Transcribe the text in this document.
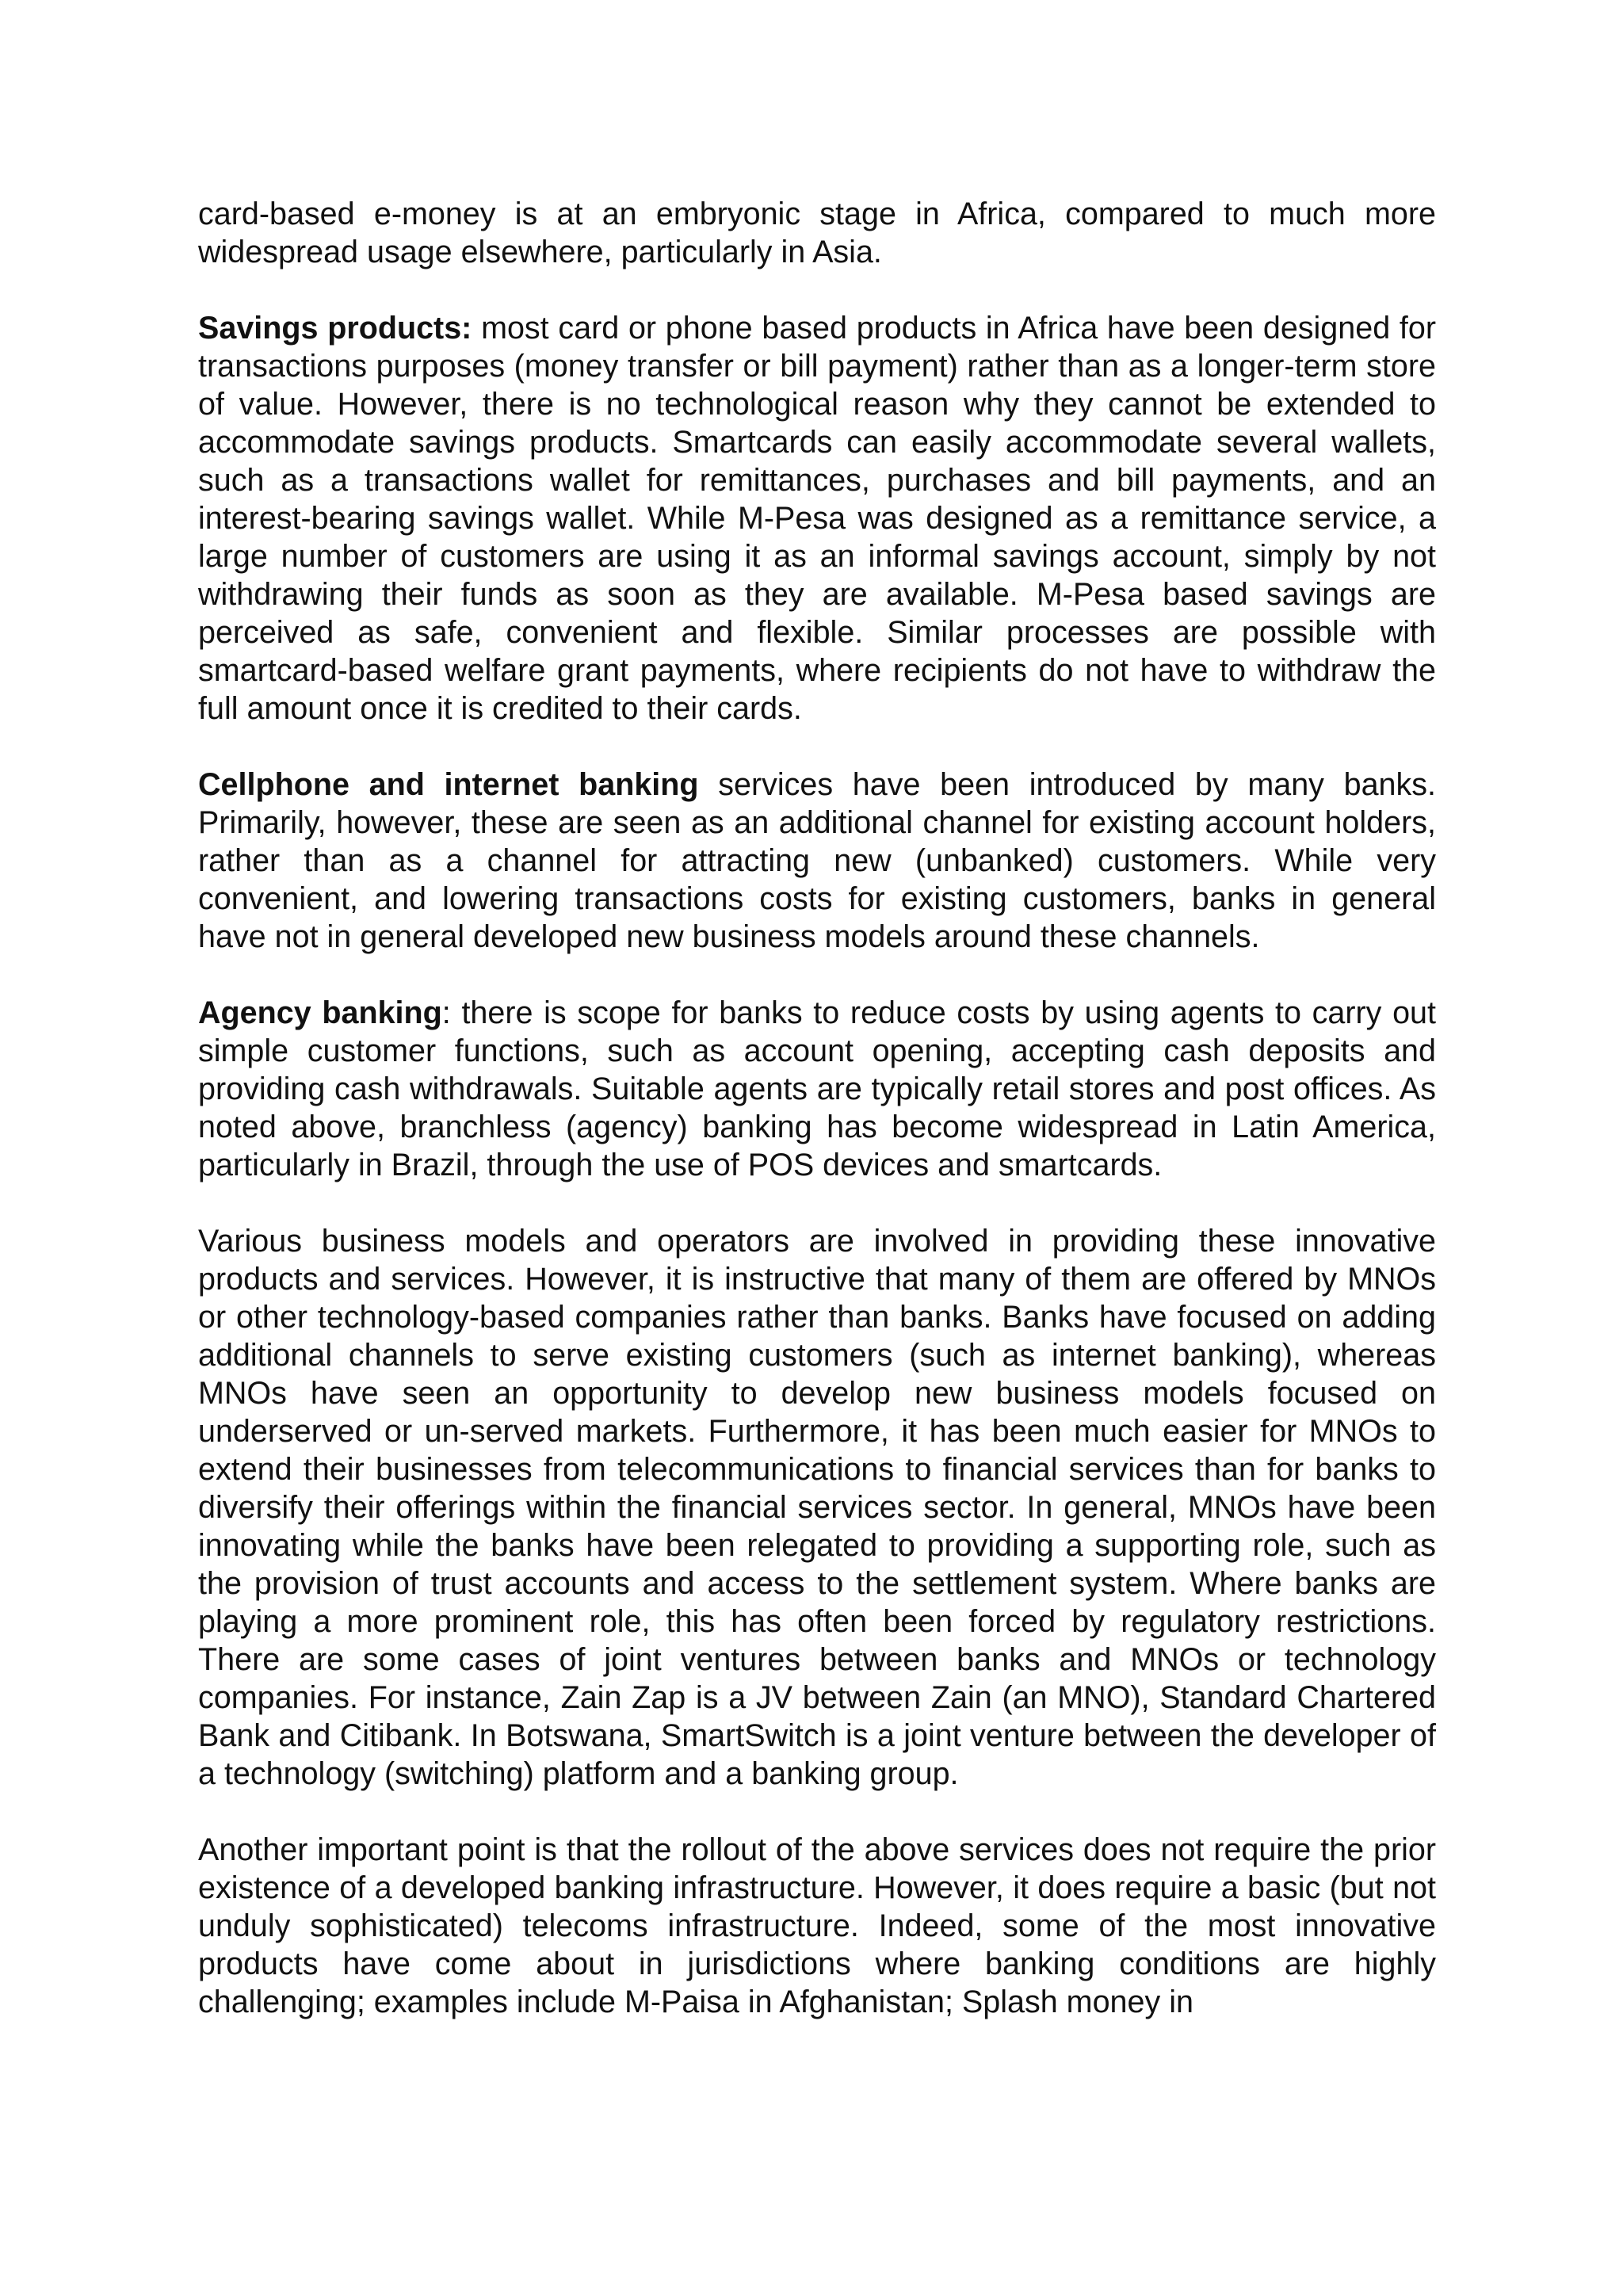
card-based e-money is at an embryonic stage in Africa, compared to much more widespread usage elsewhere, particularly in Asia.

Savings products: most card or phone based products in Africa have been designed for transactions purposes (money transfer or bill payment) rather than as a longer-term store of value. However, there is no technological reason why they cannot be extended to accommodate savings products. Smartcards can easily accommodate several wallets, such as a transactions wallet for remittances, purchases and bill payments, and an interest-bearing savings wallet. While M-Pesa was designed as a remittance service, a large number of customers are using it as an informal savings account, simply by not withdrawing their funds as soon as they are available. M-Pesa based savings are perceived as safe, convenient and flexible. Similar processes are possible with smartcard-based welfare grant payments, where recipients do not have to withdraw the full amount once it is credited to their cards.

Cellphone and internet banking services have been introduced by many banks. Primarily, however, these are seen as an additional channel for existing account holders, rather than as a channel for attracting new (unbanked) customers. While very convenient, and lowering transactions costs for existing customers, banks in general have not in general developed new business models around these channels.

Agency banking: there is scope for banks to reduce costs by using agents to carry out simple customer functions, such as account opening, accepting cash deposits and providing cash withdrawals. Suitable agents are typically retail stores and post offices. As noted above, branchless (agency) banking has become widespread in Latin America, particularly in Brazil, through the use of POS devices and smartcards.

Various business models and operators are involved in providing these innovative products and services. However, it is instructive that many of them are offered by MNOs or other technology-based companies rather than banks. Banks have focused on adding additional channels to serve existing customers (such as internet banking), whereas MNOs have seen an opportunity to develop new business models focused on underserved or un-served markets. Furthermore, it has been much easier for MNOs to extend their businesses from telecommunications to financial services than for banks to diversify their offerings within the financial services sector. In general, MNOs have been innovating while the banks have been relegated to providing a supporting role, such as the provision of trust accounts and access to the settlement system. Where banks are playing a more prominent role, this has often been forced by regulatory restrictions. There are some cases of joint ventures between banks and MNOs or technology companies. For instance, Zain Zap is a JV between Zain (an MNO), Standard Chartered Bank and Citibank. In Botswana, SmartSwitch is a joint venture between the developer of a technology (switching) platform and a banking group.

Another important point is that the rollout of the above services does not require the prior existence of a developed banking infrastructure. However, it does require a basic (but not unduly sophisticated) telecoms infrastructure. Indeed, some of the most innovative products have come about in jurisdictions where banking conditions are highly challenging; examples include M-Paisa in Afghanistan; Splash money in
